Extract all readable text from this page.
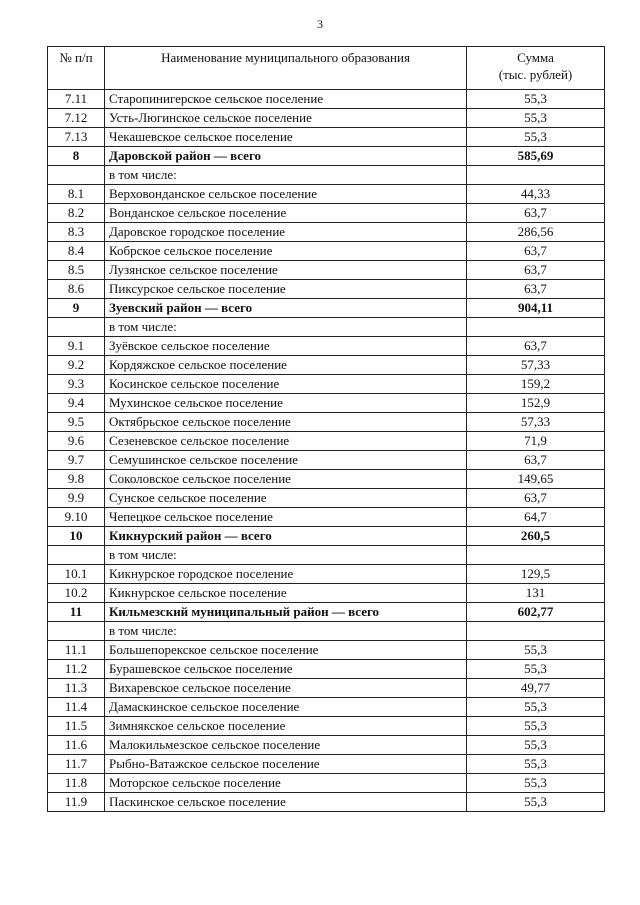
3
№ п/п	Наименование муниципального образования	Сумма
(тыс. рублей)

7.11	Старопинигерское сельское поселение	55,3
7.12	Усть-Люгинское сельское поселение	55,3
7.13	Чекашевское сельское поселение	55,3
8	Даровской район — всего	585,69
	в том числе:	
8.1	Верховонданское сельское поселение	44,33
8.2	Вонданское сельское поселение	63,7
8.3	Даровское городское поселение	286,56
8.4	Кобрское сельское поселение	63,7
8.5	Лузянское сельское поселение	63,7
8.6	Пиксурское сельское поселение	63,7
9	Зуевский район — всего	904,11
	в том числе:	
9.1	Зуёвское сельское поселение	63,7
9.2	Кордяжское сельское поселение	57,33
9.3	Косинское сельское поселение	159,2
9.4	Мухинское сельское поселение	152,9
9.5	Октябрьское сельское поселение	57,33
9.6	Сезеневское сельское поселение	71,9
9.7	Семушинское сельское поселение	63,7
9.8	Соколовское сельское поселение	149,65
9.9	Сунское сельское поселение	63,7
9.10	Чепецкое сельское поселение	64,7
10	Кикнурский район — всего	260,5
	в том числе:	
10.1	Кикнурское городское поселение	129,5
10.2	Кикнурское сельское поселение	131
11	Кильмезский муниципальный район — всего	602,77
	в том числе:	
11.1	Большепорекское сельское поселение	55,3
11.2	Бурашевское сельское поселение	55,3
11.3	Вихаревское сельское поселение	49,77
11.4	Дамаскинское сельское поселение	55,3
11.5	Зимнякское сельское поселение	55,3
11.6	Малокильмезское сельское поселение	55,3
11.7	Рыбно-Ватажское сельское поселение	55,3
11.8	Моторское сельское поселение	55,3
11.9	Паскинское сельское поселение	55,3
